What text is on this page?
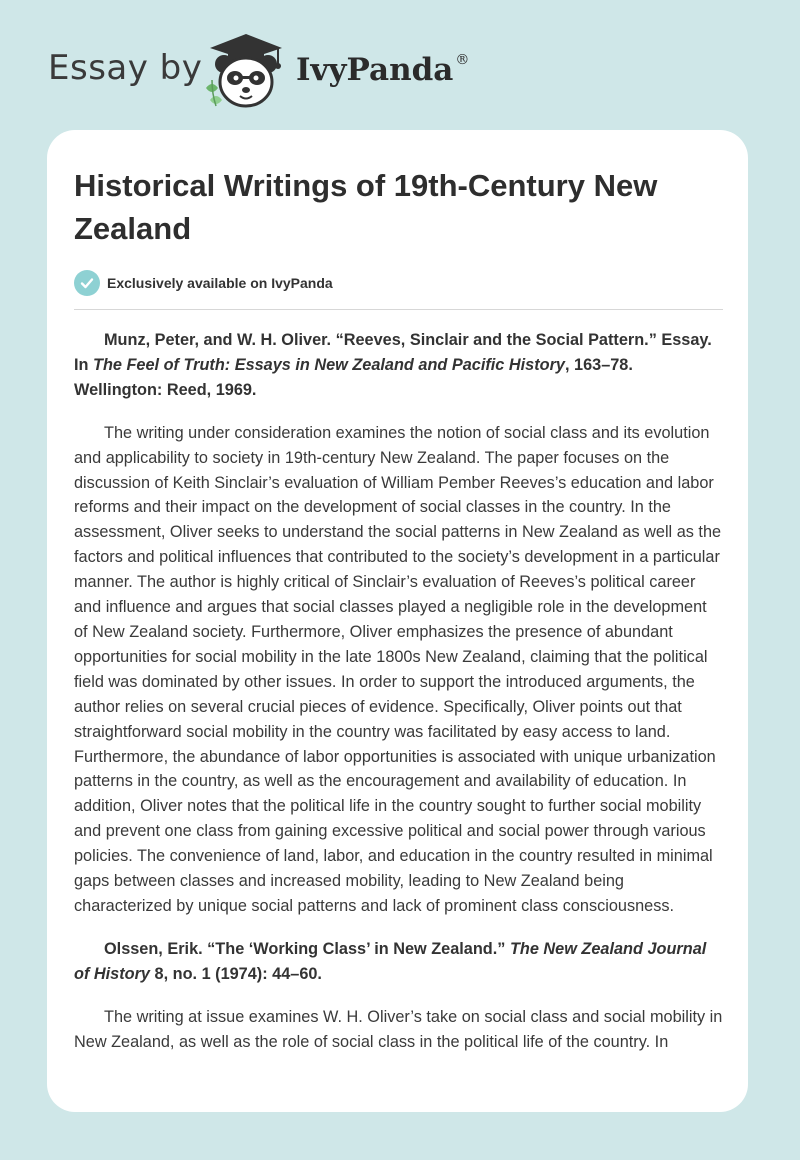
Essay by	IvyPanda ®
Historical Writings of 19th-Century New Zealand
Exclusively available on IvyPanda

Munz, Peter, and W. H. Oliver. “Reeves, Sinclair and the Social Pattern.” Essay. In The Feel of Truth: Essays in New Zealand and Pacific History, 163–78. Wellington: Reed, 1969.

The writing under consideration examines the notion of social class and its evolution and applicability to society in 19th-century New Zealand. The paper focuses on the discussion of Keith Sinclair’s evaluation of William Pember Reeves’s education and labor reforms and their impact on the development of social classes in the country. In the assessment, Oliver seeks to understand the social patterns in New Zealand as well as the factors and political influences that contributed to the society’s development in a particular manner. The author is highly critical of Sinclair’s evaluation of Reeves’s political career and influence and argues that social classes played a negligible role in the development of New Zealand society. Furthermore, Oliver emphasizes the presence of abundant opportunities for social mobility in the late 1800s New Zealand, claiming that the political field was dominated by other issues. In order to support the introduced arguments, the author relies on several crucial pieces of evidence. Specifically, Oliver points out that straightforward social mobility in the country was facilitated by easy access to land. Furthermore, the abundance of labor opportunities is associated with unique urbanization patterns in the country, as well as the encouragement and availability of education. In addition, Oliver notes that the political life in the country sought to further social mobility and prevent one class from gaining excessive political and social power through various policies. The convenience of land, labor, and education in the country resulted in minimal gaps between classes and increased mobility, leading to New Zealand being characterized by unique social patterns and lack of prominent class consciousness.

Olssen, Erik. “The ‘Working Class’ in New Zealand.” The New Zealand Journal of History 8, no. 1 (1974): 44–60.

The writing at issue examines W. H. Oliver’s take on social class and social mobility in New Zealand, as well as the role of social class in the political life of the country. In
